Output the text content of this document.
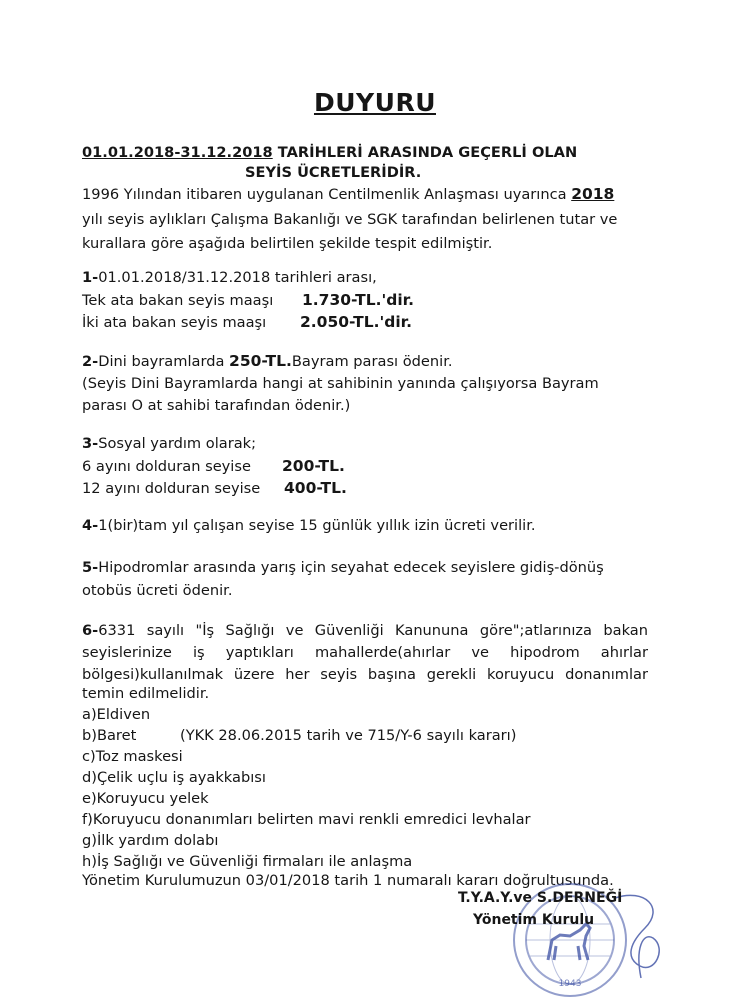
DUYURU
01.01.2018-31.12.2018 TARİHLERİ ARASINDA GEÇERLİ OLAN
SEYİS ÜCRETLERİDİR.
1996 Yılından itibaren uygulanan Centilmenlik Anlaşması uyarınca 2018
yılı seyis aylıkları Çalışma Bakanlığı ve SGK tarafından belirlenen tutar ve
kurallara göre aşağıda belirtilen şekilde tespit edilmiştir.
1-01.01.2018/31.12.2018 tarihleri arası,
Tek ata bakan seyis maaşı 1.730-TL.'dir.
İki ata bakan seyis maaşı 2.050-TL.'dir.
2-Dini bayramlarda 250-TL.Bayram parası ödenir.
(Seyis Dini Bayramlarda hangi at sahibinin yanında çalışıyorsa Bayram
parası O at sahibi tarafından ödenir.)
3-Sosyal yardım olarak;
6 ayını dolduran seyise 200-TL.
12 ayını dolduran seyise 400-TL.
4-1(bir)tam yıl çalışan seyise 15 günlük yıllık izin ücreti verilir.
5-Hipodromlar arasında yarış için seyahat edecek seyislere gidiş-dönüş
otobüs ücreti ödenir.
6-6331 sayılı "İş Sağlığı ve Güvenliği Kanununa göre";atlarınıza bakan
seyislerinize iş yaptıkları mahallerde(ahırlar ve hipodrom ahırlar
bölgesi)kullanılmak üzere her seyis başına gerekli koruyucu donanımlar
temin edilmelidir.
a)Eldiven
b)Baret	(YKK 28.06.2015 tarih ve 715/Y-6 sayılı kararı)
c)Toz maskesi
d)Çelik uçlu iş ayakkabısı
e)Koruyucu yelek
f)Koruyucu donanımları belirten mavi renkli emredici levhalar
g)İlk yardım dolabı
h)İş Sağlığı ve Güvenliği firmaları ile anlaşma
Yönetim Kurulumuzun 03/01/2018 tarih 1 numaralı kararı doğrultusunda.
1943
T.Y.A.Y.ve S.DERNEĞİ
Yönetim Kurulu
